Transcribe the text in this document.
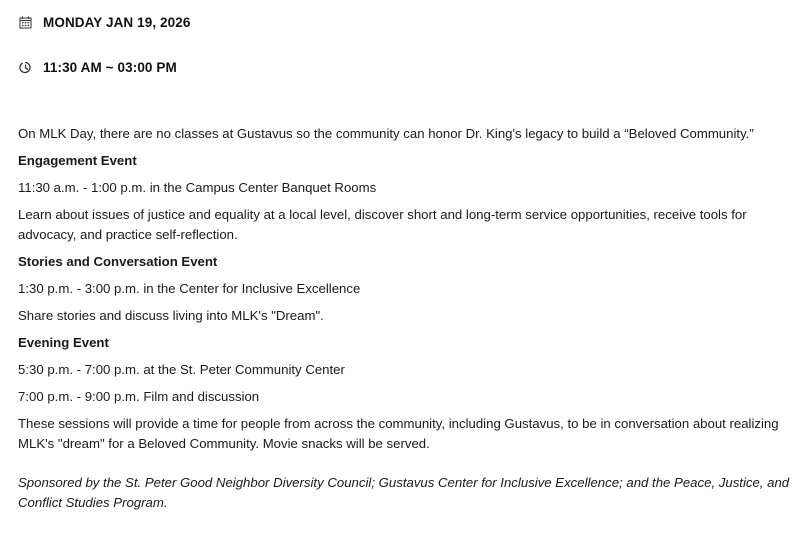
MONDAY JAN 19, 2026
11:30 AM ~ 03:00 PM

On MLK Day, there are no classes at Gustavus so the community can honor Dr. King's legacy to build a “Beloved Community.”

Engagement Event

11:30 a.m. - 1:00 p.m. in the Campus Center Banquet Rooms

Learn about issues of justice and equality at a local level, discover short and long-term service opportunities, receive tools for advocacy, and practice self-reflection.

Stories and Conversation Event

1:30 p.m. - 3:00 p.m. in the Center for Inclusive Excellence

Share stories and discuss living into MLK's "Dream".

Evening Event

5:30 p.m. - 7:00 p.m. at the St. Peter Community Center

7:00 p.m. - 9:00 p.m. Film and discussion

These sessions will provide a time for people from across the community, including Gustavus, to be in conversation about realizing MLK's "dream" for a Beloved Community. Movie snacks will be served.

Sponsored by the St. Peter Good Neighbor Diversity Council; Gustavus Center for Inclusive Excellence; and the Peace, Justice, and Conflict Studies Program.
